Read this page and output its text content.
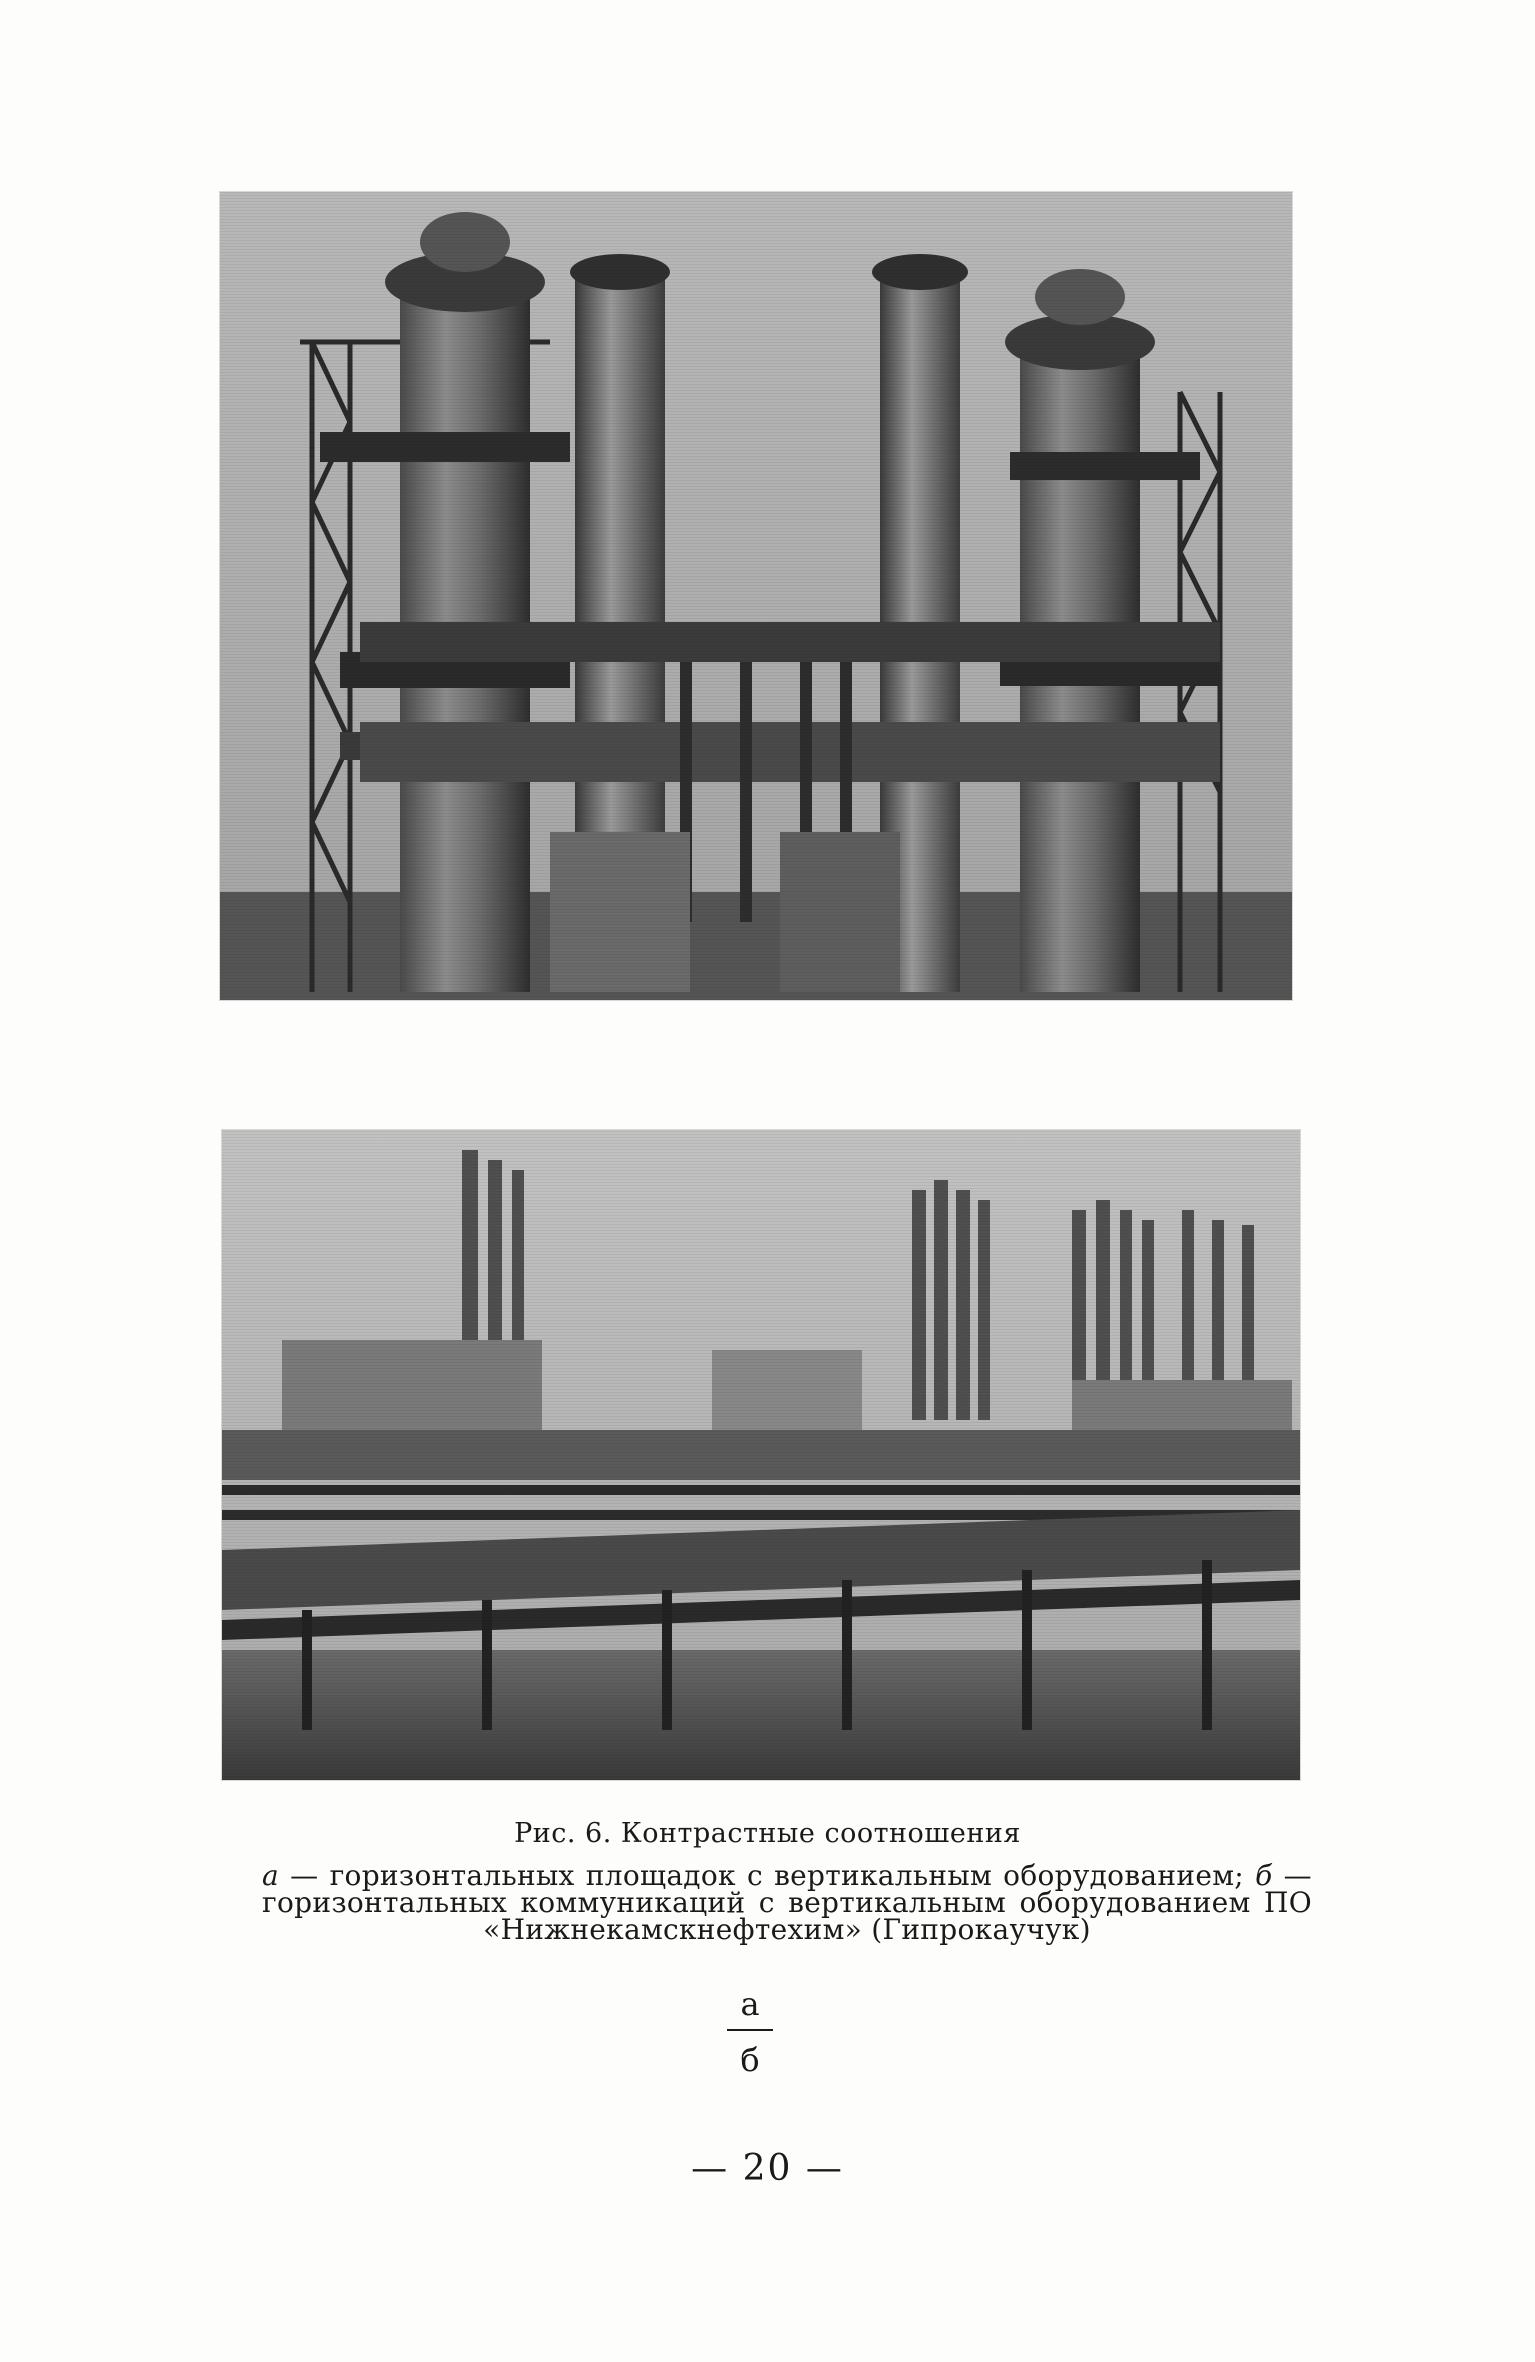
Рис. 6. Контрастные соотношения
а — горизонтальных площадок с вертикальным оборудованием; б — горизонтальных коммуникаций с вертикальным оборудованием ПО «Нижнекамскнефтехим» (Гипрокаучук)
а
б
— 20 —
